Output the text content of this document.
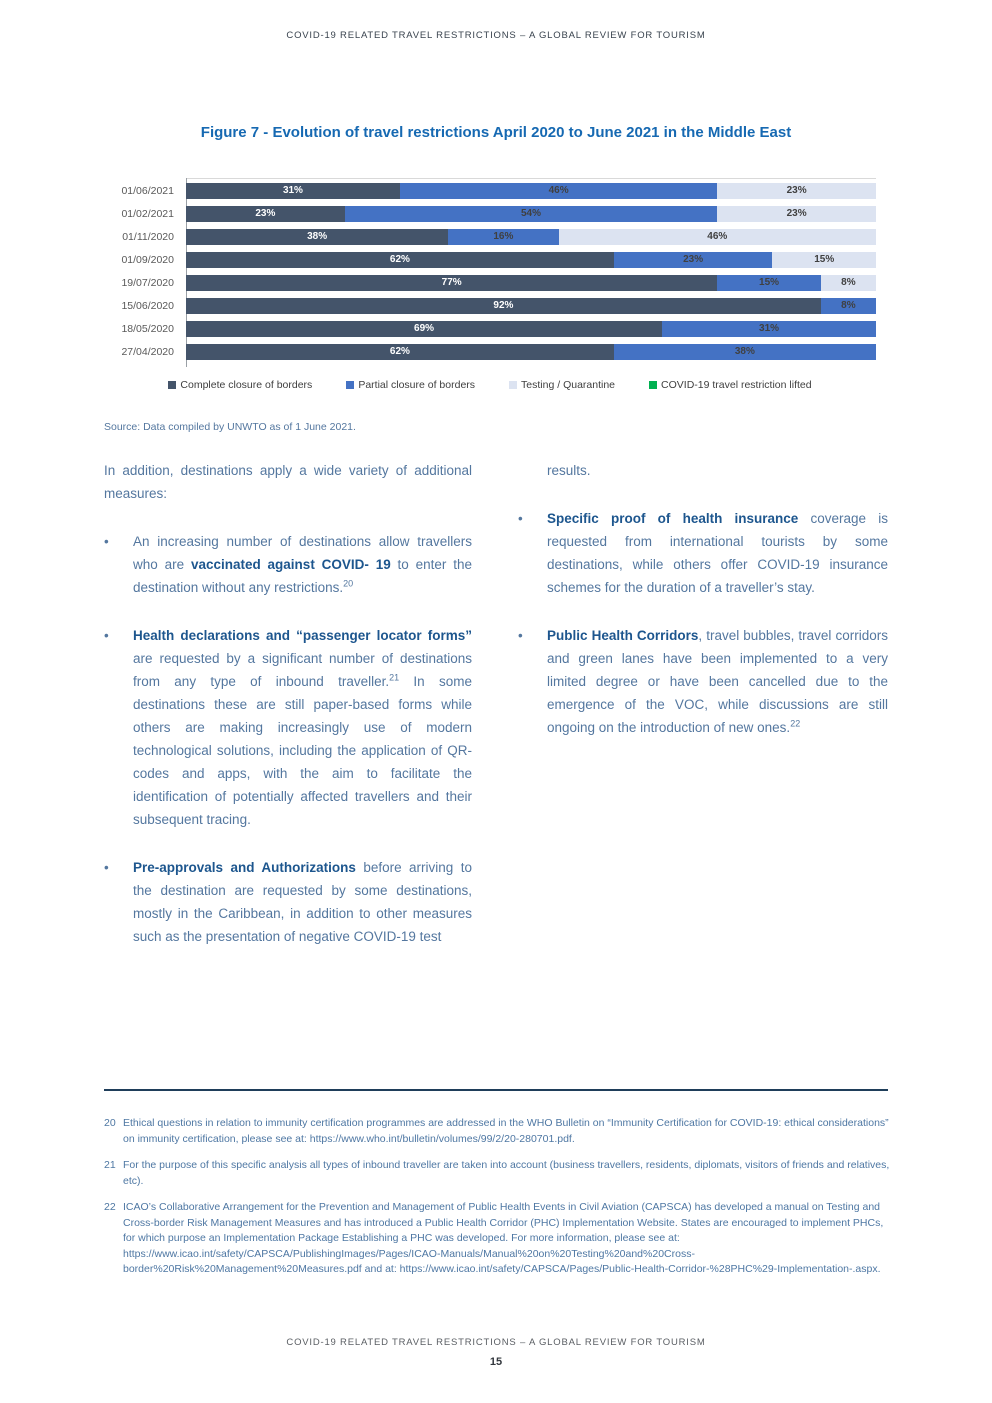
COVID-19 RELATED TRAVEL RESTRICTIONS – A GLOBAL REVIEW FOR TOURISM
Figure 7 - Evolution of travel restrictions April 2020 to June 2021 in the Middle East
01/06/2021	31%	46%	23%
01/02/2021	23%	54%	23%
01/11/2020	38%	16%	46%
01/09/2020	62%	23%	15%
19/07/2020	77%	15%	8%
15/06/2020	92%	8%
18/05/2020	69%	31%
27/04/2020	62%	38%
Complete closure of borders	Partial closure of borders	Testing / Quarantine	COVID-19 travel restriction lifted
Source: Data compiled by UNWTO as of 1 June 2021.

In addition, destinations apply a wide variety of additional measures:

•	An increasing number of destinations allow travellers who are vaccinated against COVID- 19 to enter the destination without any restrictions.$^{20}$
•	Health declarations and “passenger locator forms” are requested by a significant number of destinations from any type of inbound traveller.$^{21}$ In some destinations these are still paper-based forms while others are making increasingly use of modern technological solutions, including the application of QR-codes and apps, with the aim to facilitate the identification of potentially affected travellers and their subsequent tracing.
•	Pre-approvals and Authorizations before arriving to the destination are requested by some destinations, mostly in the Caribbean, in addition to other measures such as the presentation of negative COVID-19 test

results.

•	Specific proof of health insurance coverage is requested from international tourists by some destinations, while others offer COVID-19 insurance schemes for the duration of a traveller’s stay.
•	Public Health Corridors, travel bubbles, travel corridors and green lanes have been implemented to a very limited degree or have been cancelled due to the emergence of the VOC, while discussions are still ongoing on the introduction of new ones.$^{22}$
20 Ethical questions in relation to immunity certification programmes are addressed in the WHO Bulletin on “Immunity Certification for COVID-19: ethical considerations” on immunity certification, please see at: https://www.who.int/bulletin/volumes/99/2/20-280701.pdf.
21 For the purpose of this specific analysis all types of inbound traveller are taken into account (business travellers, residents, diplomats, visitors of friends and relatives, etc).
22 ICAO’s Collaborative Arrangement for the Prevention and Management of Public Health Events in Civil Aviation (CAPSCA) has developed a manual on Testing and Cross-border Risk Management Measures and has introduced a Public Health Corridor (PHC) Implementation Website. States are encouraged to implement PHCs, for which purpose an Implementation Package Establishing a PHC was developed. For more information, please see at: https://www.icao.int/safety/CAPSCA/PublishingImages/Pages/ICAO-Manuals/Manual%20on%20Testing%20and%20Cross-border%20Risk%20Management%20Measures.pdf and at: https://www.icao.int/safety/CAPSCA/Pages/Public-Health-Corridor-%28PHC%29-Implementation-.aspx.
COVID-19 RELATED TRAVEL RESTRICTIONS – A GLOBAL REVIEW FOR TOURISM
15
